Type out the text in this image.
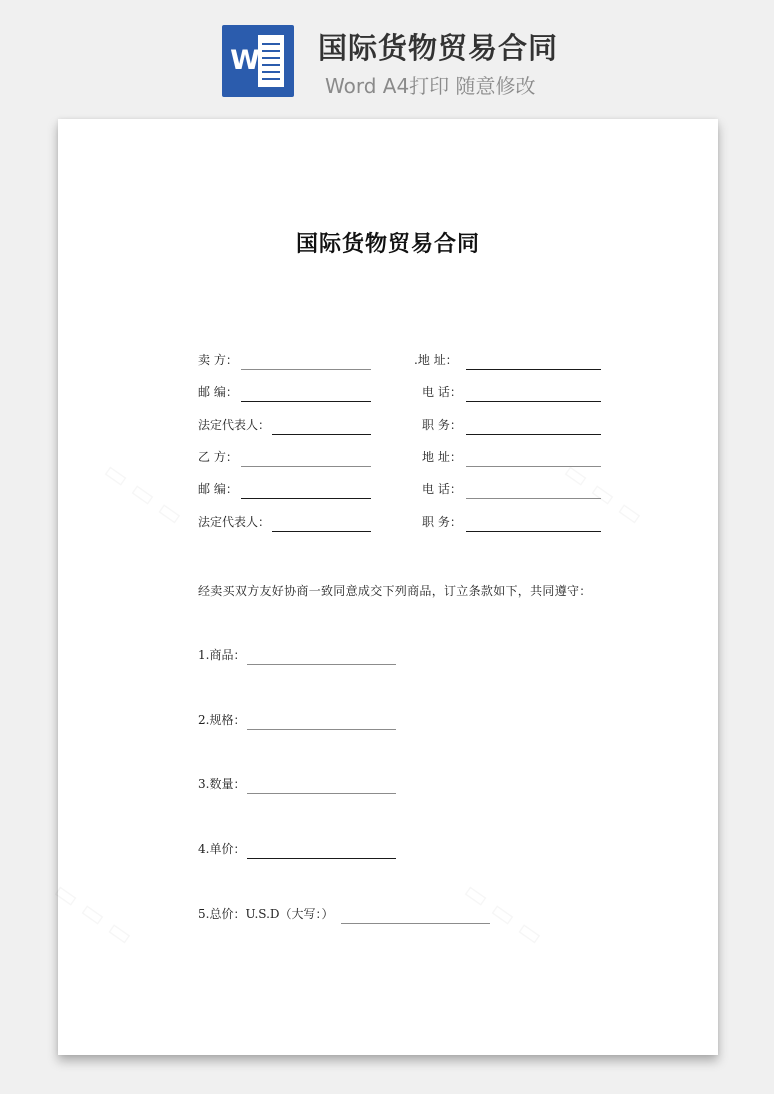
W 国际货物贸易合同
Word A4打印 随意修改
国际货物贸易合同
卖 方：
邮 编：
法定代表人：
乙 方：
邮 编：
法定代表人：
.地 址：
电 话：
职 务：
地 址：
电 话：
职 务：
经卖买双方友好协商一致同意成交下列商品，订立条款如下，共同遵守：
1.商品：
2.规格：
3.数量：
4.单价：
5.总价：U.S.D（大写：）
